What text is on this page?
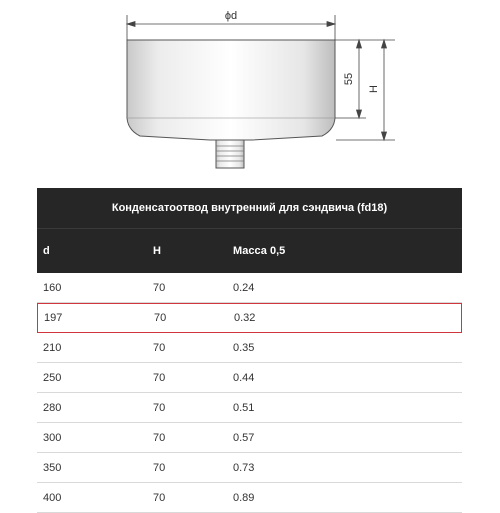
ϕd
55
H
Конденсатоотвод внутренний для сэндвича (fd18)
d	H	Масса 0,5
160	70	0.24
197	70	0.32
210	70	0.35
250	70	0.44
280	70	0.51
300	70	0.57
350	70	0.73
400	70	0.89
